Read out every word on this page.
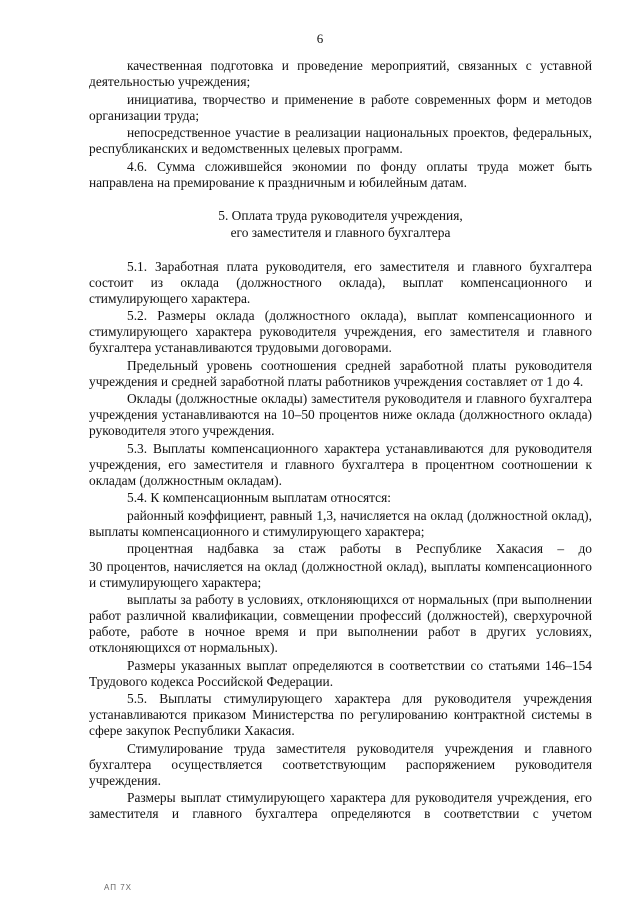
6

качественная подготовка и проведение мероприятий, связанных с уставной деятельностью учреждения;

инициатива, творчество и применение в работе современных форм и методов организации труда;

непосредственное участие в реализации национальных проектов, федеральных, республиканских и ведомственных целевых программ.

4.6. Сумма сложившейся экономии по фонду оплаты труда может быть направлена на премирование к праздничным и юбилейным датам.

5. Оплата труда руководителя учреждения,
его заместителя и главного бухгалтера

5.1. Заработная плата руководителя, его заместителя и главного бухгалтера состоит из оклада (должностного оклада), выплат компенсационного и стимулирующего характера.

5.2. Размеры оклада (должностного оклада), выплат компенсационного и стимулирующего характера руководителя учреждения, его заместителя и главного бухгалтера устанавливаются трудовыми договорами.

Предельный уровень соотношения средней заработной платы руководителя учреждения и средней заработной платы работников учреждения составляет от 1 до 4.

Оклады (должностные оклады) заместителя руководителя и главного бухгалтера учреждения устанавливаются на 10–50 процентов ниже оклада (должностного оклада) руководителя этого учреждения.

5.3. Выплаты компенсационного характера устанавливаются для руководителя учреждения, его заместителя и главного бухгалтера в процентном соотношении к окладам (должностным окладам).

5.4. К компенсационным выплатам относятся:

районный коэффициент, равный 1,3, начисляется на оклад (должностной оклад), выплаты компенсационного и стимулирующего характера;

процентная надбавка за стаж работы в Республике Хакасия – до

30 процентов, начисляется на оклад (должностной оклад), выплаты компенсационного и стимулирующего характера;

выплаты за работу в условиях, отклоняющихся от нормальных (при выполнении работ различной квалификации, совмещении профессий (должностей), сверхурочной работе, работе в ночное время и при выполнении работ в других условиях, отклоняющихся от нормальных).

Размеры указанных выплат определяются в соответствии со статьями 146–154 Трудового кодекса Российской Федерации.

5.5. Выплаты стимулирующего характера для руководителя учреждения устанавливаются приказом Министерства по регулированию контрактной системы в сфере закупок Республики Хакасия.

Стимулирование труда заместителя руководителя учреждения и главного бухгалтера осуществляется соответствующим распоряжением руководителя учреждения.

Размеры выплат стимулирующего характера для руководителя учреждения, его заместителя и главного бухгалтера определяются в соответствии с учетом

АП 7Х
